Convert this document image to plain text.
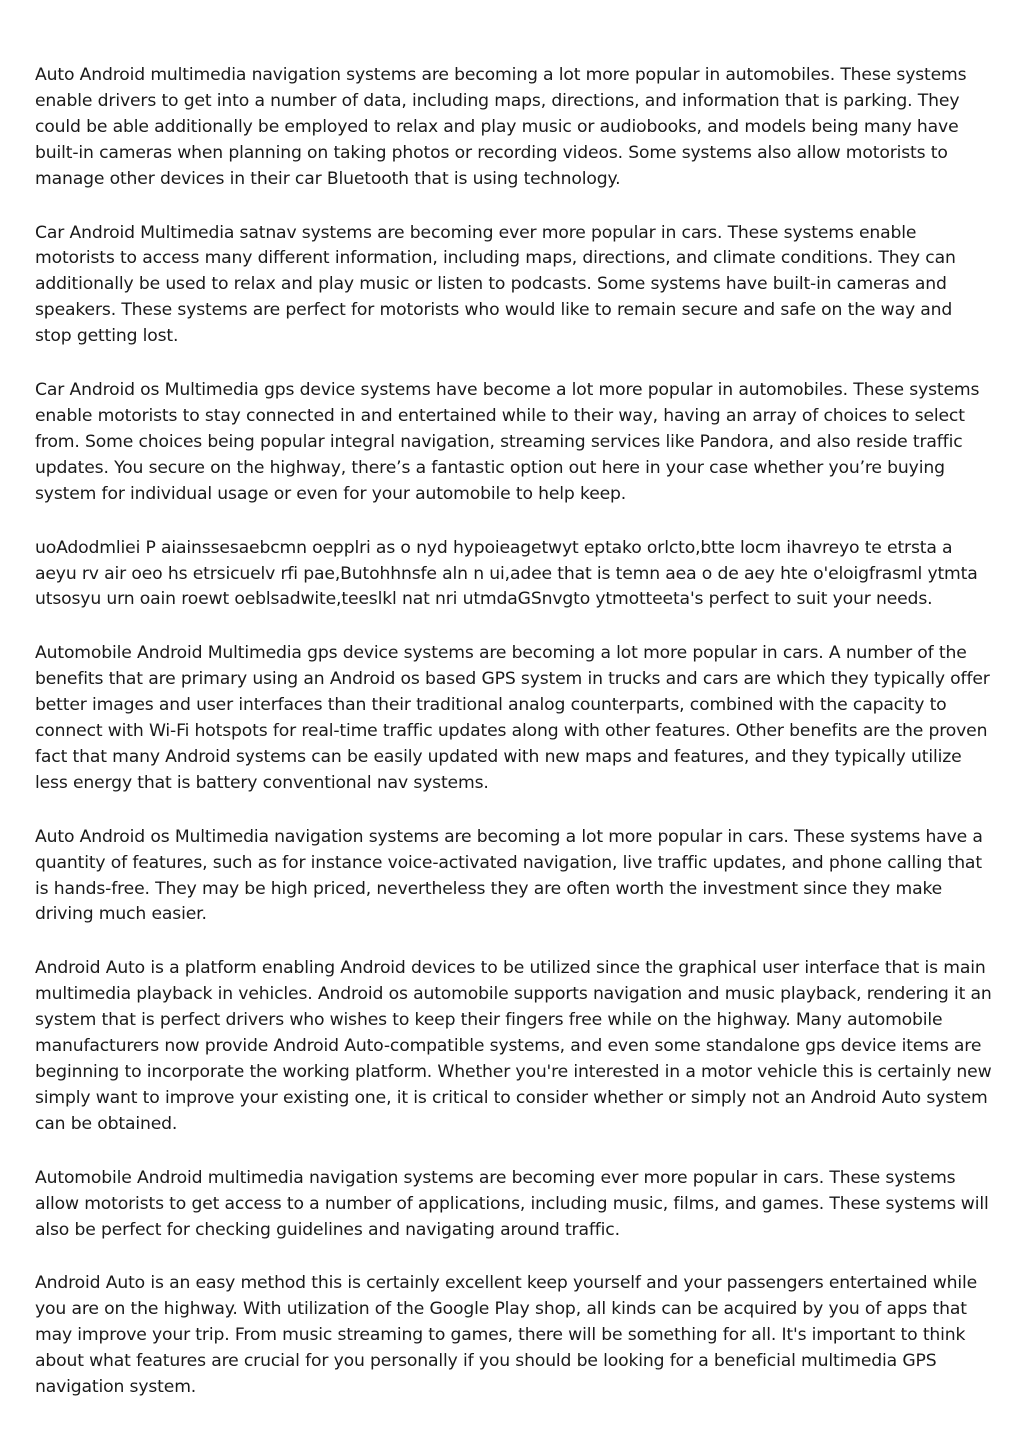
Auto Android multimedia navigation systems are becoming a lot more popular in automobiles. These systems enable drivers to get into a number of data, including maps, directions, and information that is parking. They could be able additionally be employed to relax and play music or audiobooks, and models being many have built-in cameras when planning on taking photos or recording videos. Some systems also allow motorists to manage other devices in their car Bluetooth that is using technology.

Car Android Multimedia satnav systems are becoming ever more popular in cars. These systems enable motorists to access many different information, including maps, directions, and climate conditions. They can additionally be used to relax and play music or listen to podcasts. Some systems have built-in cameras and speakers. These systems are perfect for motorists who would like to remain secure and safe on the way and stop getting lost.

Car Android os Multimedia gps device systems have become a lot more popular in automobiles. These systems enable motorists to stay connected in and entertained while to their way, having an array of choices to select from. Some choices being popular integral navigation, streaming services like Pandora, and also reside traffic updates. You secure on the highway, there’s a fantastic option out here in your case whether you’re buying system for individual usage or even for your automobile to help keep.

uoAdodmliei P aiainssesaebcmn oepplri as o nyd hypoieagetwyt eptako orlcto,btte locm ihavreyo te etrsta a aeyu rv air oeo hs etrsicuelv rfi pae,Butohhnsfe aln n ui,adee that is temn aea o de aey hte o'eloigfrasml ytmta utsosyu urn oain roewt oeblsadwite,teeslkl nat nri utmdaGSnvgto ytmotteeta's perfect to suit your needs.

Automobile Android Multimedia gps device systems are becoming a lot more popular in cars. A number of the benefits that are primary using an Android os based GPS system in trucks and cars are which they typically offer better images and user interfaces than their traditional analog counterparts, combined with the capacity to connect with Wi-Fi hotspots for real-time traffic updates along with other features. Other benefits are the proven fact that many Android systems can be easily updated with new maps and features, and they typically utilize less energy that is battery conventional nav systems.

Auto Android os Multimedia navigation systems are becoming a lot more popular in cars. These systems have a quantity of features, such as for instance voice-activated navigation, live traffic updates, and phone calling that is hands-free. They may be high priced, nevertheless they are often worth the investment since they make driving much easier.

Android Auto is a platform enabling Android devices to be utilized since the graphical user interface that is main multimedia playback in vehicles. Android os automobile supports navigation and music playback, rendering it an system that is perfect drivers who wishes to keep their fingers free while on the highway. Many automobile manufacturers now provide Android Auto-compatible systems, and even some standalone gps device items are beginning to incorporate the working platform. Whether you're interested in a motor vehicle this is certainly new simply want to improve your existing one, it is critical to consider whether or simply not an Android Auto system can be obtained.

Automobile Android multimedia navigation systems are becoming ever more popular in cars. These systems allow motorists to get access to a number of applications, including music, films, and games. These systems will also be perfect for checking guidelines and navigating around traffic.

Android Auto is an easy method this is certainly excellent keep yourself and your passengers entertained while you are on the highway. With utilization of the Google Play shop, all kinds can be acquired by you of apps that may improve your trip. From music streaming to games, there will be something for all. It's important to think about what features are crucial for you personally if you should be looking for a beneficial multimedia GPS navigation system.
